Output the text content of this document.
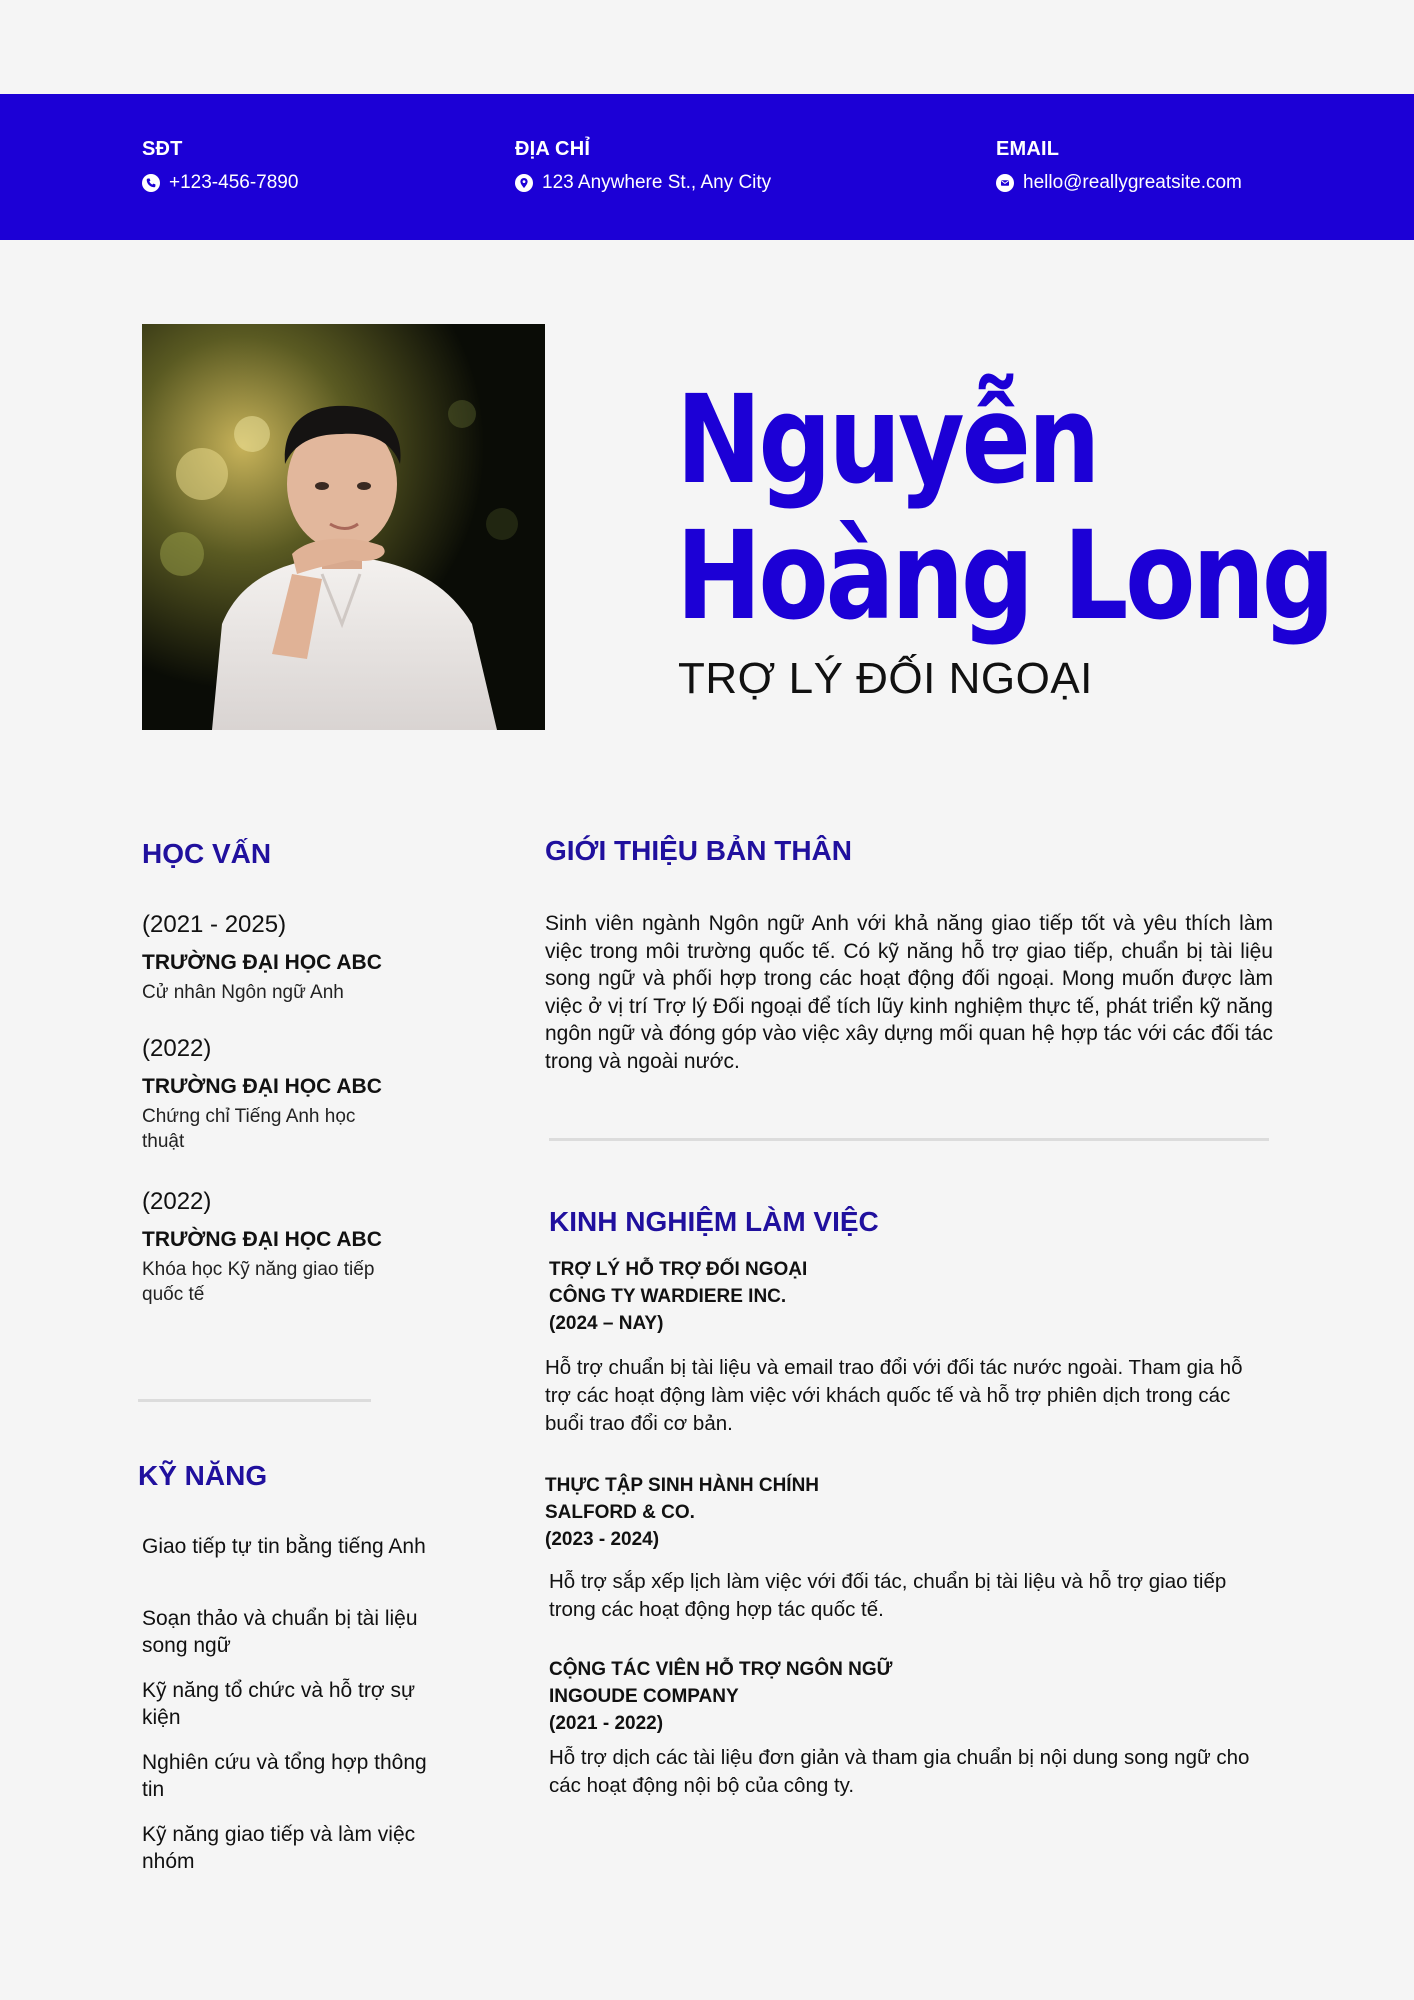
SĐT
+123-456-7890
ĐỊA CHỈ
123 Anywhere St., Any City
EMAIL
hello@reallygreatsite.com
Nguyễn
Hoàng Long
TRỢ LÝ ĐỐI NGOẠI
HỌC VẤN
(2021 - 2025)
TRƯỜNG ĐẠI HỌC ABC
Cử nhân Ngôn ngữ Anh
(2022)
TRƯỜNG ĐẠI HỌC ABC
Chứng chỉ Tiếng Anh học thuật
(2022)
TRƯỜNG ĐẠI HỌC ABC
Khóa học Kỹ năng giao tiếp quốc tế
KỸ NĂNG
Giao tiếp tự tin bằng tiếng Anh
Soạn thảo và chuẩn bị tài liệu song ngữ
Kỹ năng tổ chức và hỗ trợ sự kiện
Nghiên cứu và tổng hợp thông tin
Kỹ năng giao tiếp và làm việc nhóm
GIỚI THIỆU BẢN THÂN
Sinh viên ngành Ngôn ngữ Anh với khả năng giao tiếp tốt và yêu thích làm việc trong môi trường quốc tế. Có kỹ năng hỗ trợ giao tiếp, chuẩn bị tài liệu song ngữ và phối hợp trong các hoạt động đối ngoại. Mong muốn được làm việc ở vị trí Trợ lý Đối ngoại để tích lũy kinh nghiệm thực tế, phát triển kỹ năng ngôn ngữ và đóng góp vào việc xây dựng mối quan hệ hợp tác với các đối tác trong và ngoài nước.
KINH NGHIỆM LÀM VIỆC
TRỢ LÝ HỖ TRỢ ĐỐI NGOẠI
CÔNG TY WARDIERE INC.
(2024 – NAY)
Hỗ trợ chuẩn bị tài liệu và email trao đổi với đối tác nước ngoài. Tham gia hỗ trợ các hoạt động làm việc với khách quốc tế và hỗ trợ phiên dịch trong các buổi trao đổi cơ bản.
THỰC TẬP SINH HÀNH CHÍNH
SALFORD & CO.
(2023 - 2024)
Hỗ trợ sắp xếp lịch làm việc với đối tác, chuẩn bị tài liệu và hỗ trợ giao tiếp trong các hoạt động hợp tác quốc tế.
CỘNG TÁC VIÊN HỖ TRỢ NGÔN NGỮ
INGOUDE COMPANY
(2021 - 2022)
Hỗ trợ dịch các tài liệu đơn giản và tham gia chuẩn bị nội dung song ngữ cho các hoạt động nội bộ của công ty.
